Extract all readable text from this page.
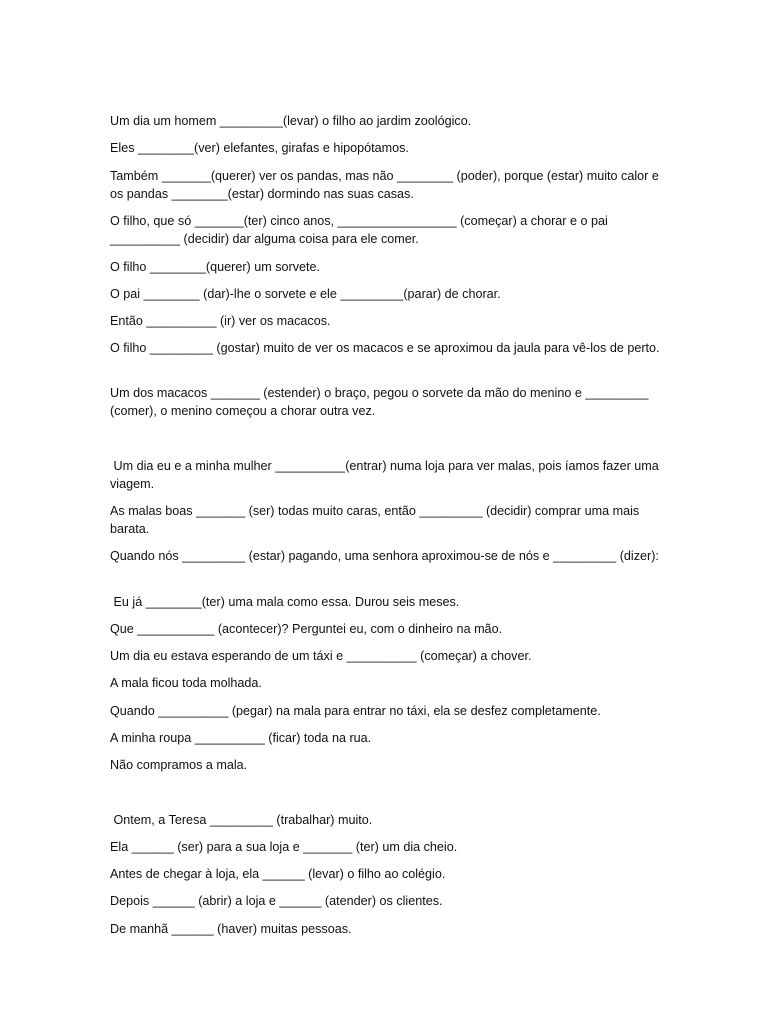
Um dia um homem _________(levar) o filho ao jardim zoológico.

Eles ________(ver) elefantes, girafas e hipopótamos.

Também _______(querer) ver os pandas, mas não ________ (poder), porque (estar) muito calor e os pandas ________(estar) dormindo nas suas casas.

O filho, que só _______(ter) cinco anos, _________________ (começar) a chorar e o pai __________ (decidir) dar alguma coisa para ele comer.

O filho ________(querer) um sorvete.

O pai ________ (dar)-lhe o sorvete e ele _________(parar) de chorar.

Então __________ (ir) ver os macacos.

O filho _________ (gostar) muito de ver os macacos e se aproximou da jaula para vê-los de perto.

Um dos macacos _______ (estender) o braço, pegou o sorvete da mão do menino e _________ (comer), o menino começou a chorar outra vez.

Um dia eu e a minha mulher __________(entrar) numa loja para ver malas, pois íamos fazer uma viagem.

As malas boas _______ (ser) todas muito caras, então _________ (decidir) comprar uma mais barata.

Quando nós _________ (estar) pagando, uma senhora aproximou-se de nós e _________ (dizer):

Eu já ________(ter) uma mala como essa. Durou seis meses.

Que ___________ (acontecer)? Perguntei eu, com o dinheiro na mão.

Um dia eu estava esperando de um táxi e __________ (começar) a chover.

A mala ficou toda molhada.

Quando __________ (pegar) na mala para entrar no táxi, ela se desfez completamente.

A minha roupa __________ (ficar) toda na rua.

Não compramos a mala.

Ontem, a Teresa _________ (trabalhar) muito.

Ela ______ (ser) para a sua loja e _______ (ter) um dia cheio.

Antes de chegar à loja, ela ______ (levar) o filho ao colégio.

Depois ______ (abrir) a loja e ______ (atender) os clientes.

De manhã ______ (haver) muitas pessoas.
